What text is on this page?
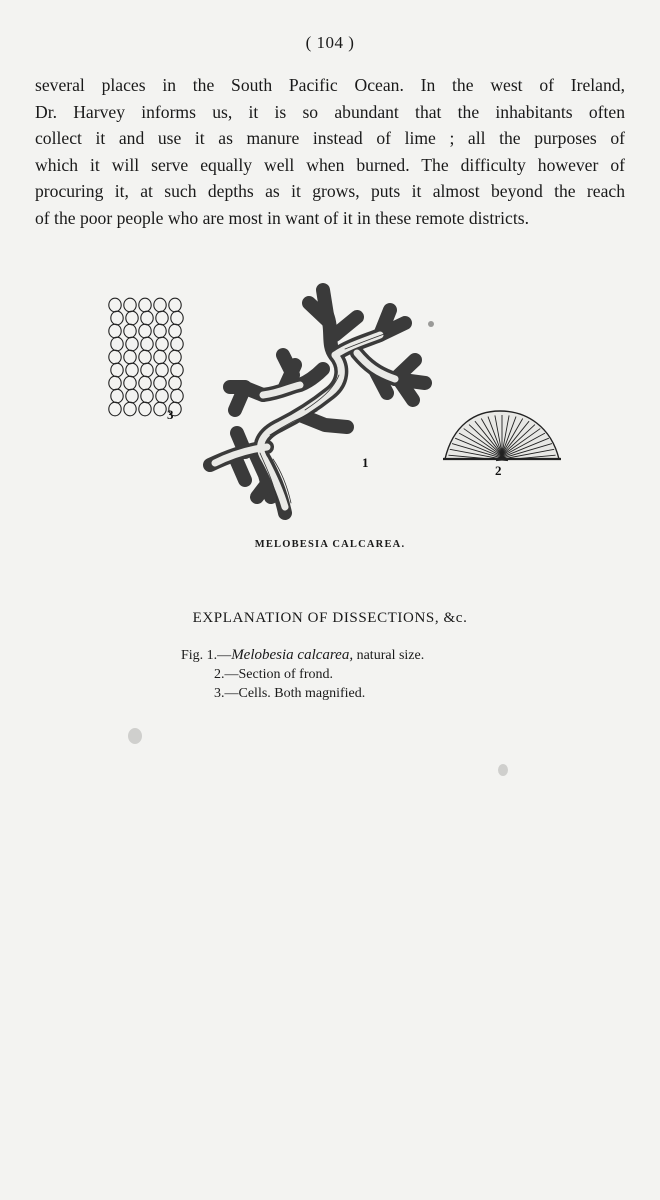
( 104 )
several places in the South Pacific Ocean. In the west of Ireland,
Dr. Harvey informs us, it is so abundant that the inhabitants often
collect it and use it as manure instead of lime ; all the purposes of
which it will serve equally well when burned. The difficulty however of
procuring it, at such depths as it grows, puts it almost beyond the reach
of the poor people who are most in want of it in these remote districts.
3
1
2
MELOBESIA CALCAREA.
EXPLANATION OF DISSECTIONS, &c.
Fig. 1.—Melobesia calcarea, natural size.
2.—Section of frond.
3.—Cells. Both magnified.
